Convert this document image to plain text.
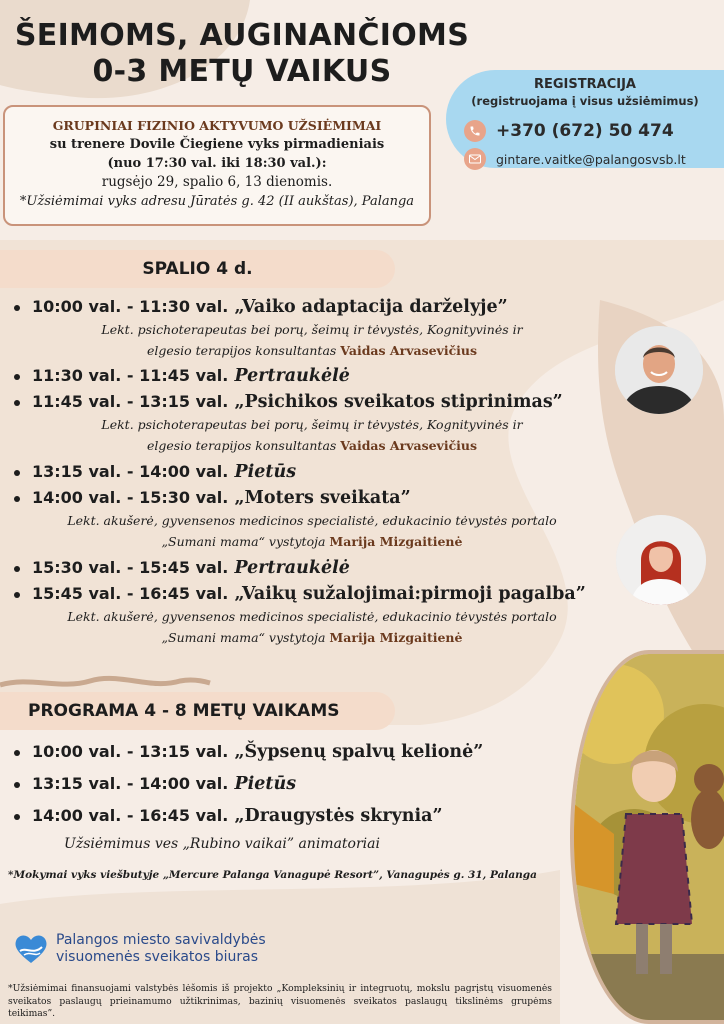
ŠEIMOMS, AUGINANČIOMS
0-3 METŲ VAIKUS	REGISTRACIJA
(registruojama į visus užsiėmimus)
+370 (672) 50 474
gintare.vaitke@palangosvsb.lt
GRUPINIAI FIZINIO AKTYVUMO UŽSIĖMIMAI
su trenere Dovile Čiegiene vyks pirmadieniais
(nuo 17:30 val. iki 18:30 val.):
rugsėjo 29, spalio 6, 13 dienomis.
*Užsiėmimai vyks adresu Jūratės g. 42 (II aukštas), Palanga
SPALIO 4 d.
10:00 val. - 11:30 val. „Vaiko adaptacija darželyje”
Lekt. psichoterapeutas bei porų, šeimų ir tėvystės, Kognityvinės ir
elgesio terapijos konsultantas Vaidas Arvasevičius
11:30 val. - 11:45 val. Pertraukėlė
11:45 val. - 13:15 val. „Psichikos sveikatos stiprinimas”
Lekt. psichoterapeutas bei porų, šeimų ir tėvystės, Kognityvinės ir
elgesio terapijos konsultantas Vaidas Arvasevičius
13:15 val. - 14:00 val. Pietūs
14:00 val. - 15:30 val. „Moters sveikata”
Lekt. akušerė, gyvensenos medicinos specialistė, edukacinio tėvystės portalo
„Sumani mama“ vystytoja Marija Mizgaitienė
15:30 val. - 15:45 val. Pertraukėlė
15:45 val. - 16:45 val. „Vaikų sužalojimai:pirmoji pagalba”
Lekt. akušerė, gyvensenos medicinos specialistė, edukacinio tėvystės portalo
„Sumani mama“ vystytoja Marija Mizgaitienė
PROGRAMA 4 - 8 METŲ VAIKAMS
10:00 val. - 13:15 val. „Šypsenų spalvų kelionė”
13:15 val. - 14:00 val. Pietūs
14:00 val. - 16:45 val. „Draugystės skrynia”
Užsiėmimus ves „Rubino vaikai” animatoriai
*Mokymai vyks viešbutyje „Mercure Palanga Vanagupė Resort”, Vanagupės g. 31, Palanga
Palangos miesto savivaldybės
visuomenės sveikatos biuras
*Užsiėmimai finansuojami valstybės lėšomis iš projekto „Kompleksinių ir integruotų, mokslu pagrįstų visuomenės sveikatos paslaugų prieinamumo užtikrinimas, bazinių visuomenės sveikatos paslaugų tikslinėms grupėms teikimas”.
